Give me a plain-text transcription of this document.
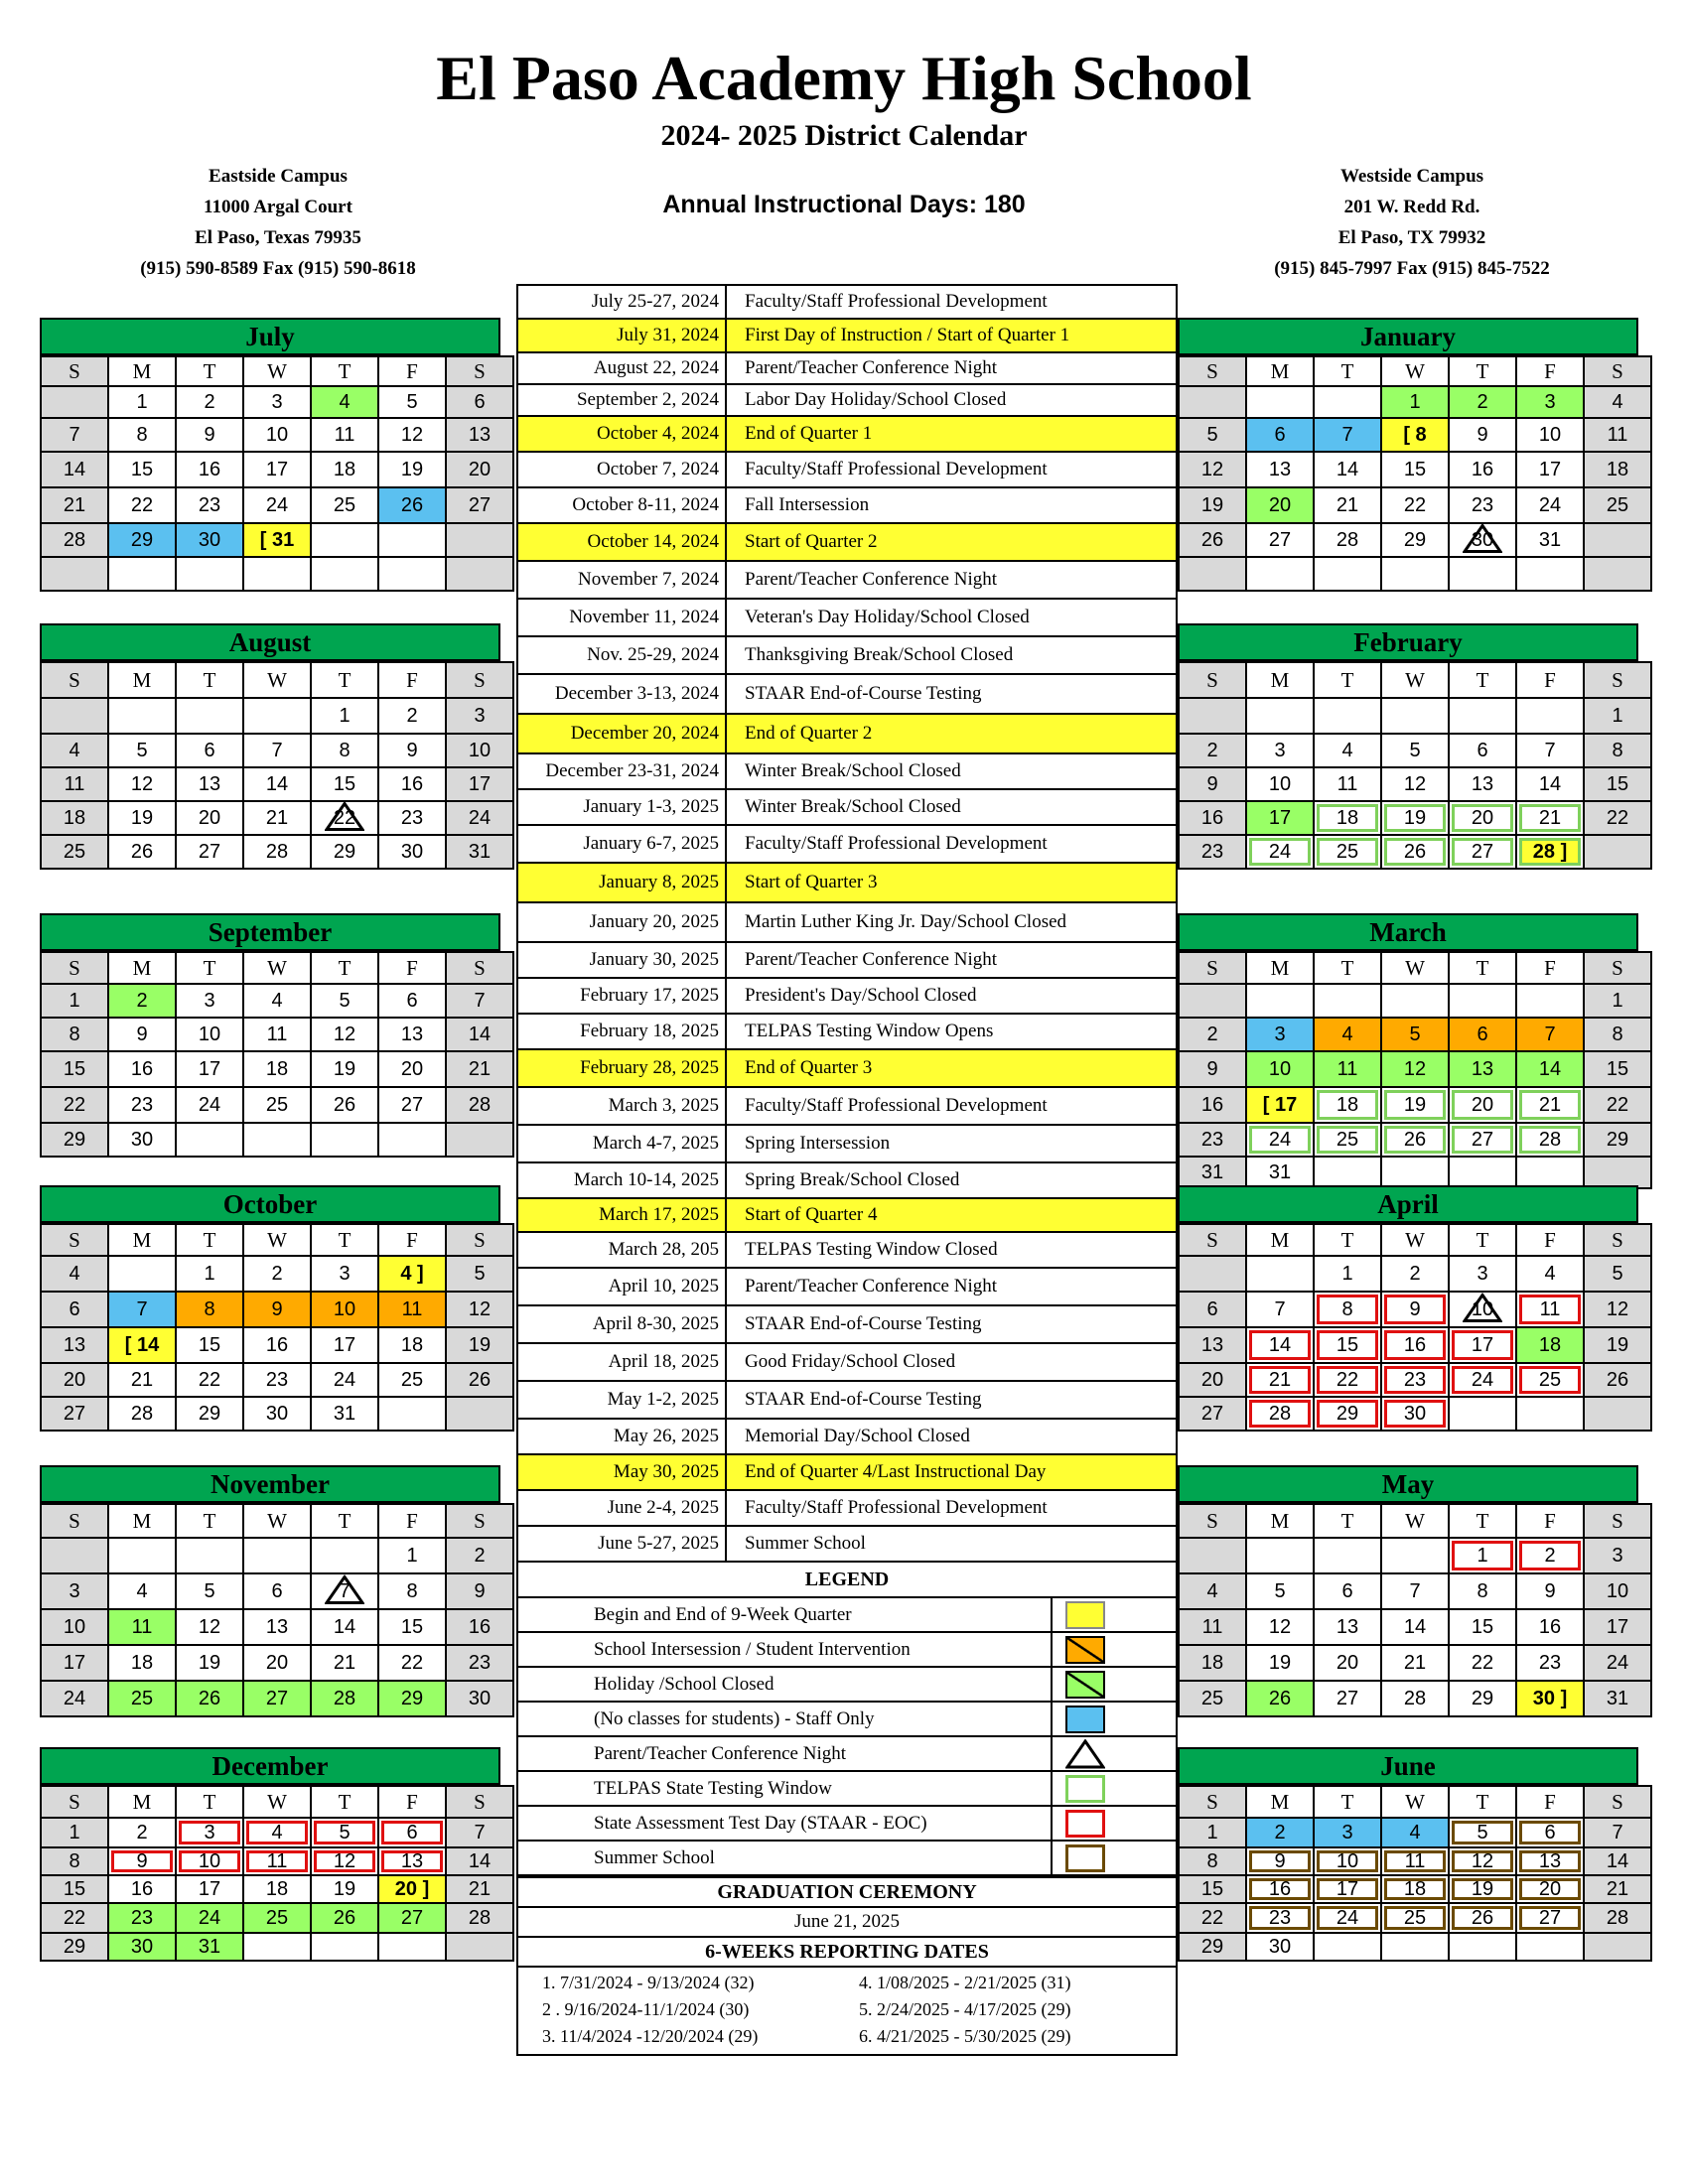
El Paso Academy High School
2024- 2025 District Calendar
Annual Instructional Days: 180
Eastside Campus
11000 Argal Court
El Paso, Texas 79935
(915) 590-8589 Fax (915) 590-8618
Westside Campus
201 W. Redd Rd.
El Paso, TX 79932
(915) 845-7997 Fax (915) 845-7522
July
S	M	T	W	T	F	S
	1	2	3	4	5	6
7	8	9	10	11	12	13
14	15	16	17	18	19	20
21	22	23	24	25	26	27
28	29	30	[ 31			

August
S	M	T	W	T	F	S
				1	2	3
4	5	6	7	8	9	10
11	12	13	14	15	16	17
18	19	20	21	22	23	24
25	26	27	28	29	30	31
September
S	M	T	W	T	F	S
1	2	3	4	5	6	7
8	9	10	11	12	13	14
15	16	17	18	19	20	21
22	23	24	25	26	27	28
29	30					
October
S	M	T	W	T	F	S
4		1	2	3	4 ]	5
6	7	8	9	10	11	12
13	[ 14	15	16	17	18	19
20	21	22	23	24	25	26
27	28	29	30	31		
November
S	M	T	W	T	F	S
					1	2
3	4	5	6	7	8	9
10	11	12	13	14	15	16
17	18	19	20	21	22	23
24	25	26	27	28	29	30
December
S	M	T	W	T	F	S
1	2	3	4	5	6	7
8	9	10	11	12	13	14
15	16	17	18	19	20 ]	21
22	23	24	25	26	27	28
29	30	31				
January
S	M	T	W	T	F	S
			1	2	3	4
5	6	7	[ 8	9	10	11
12	13	14	15	16	17	18
19	20	21	22	23	24	25
26	27	28	29	30	31	

February
S	M	T	W	T	F	S
						1
2	3	4	5	6	7	8
9	10	11	12	13	14	15
16	17	18	19	20	21	22
23	24	25	26	27	28 ]	
March
S	M	T	W	T	F	S
						1
2	3	4	5	6	7	8
9	10	11	12	13	14	15
16	[ 17	18	19	20	21	22
23	24	25	26	27	28	29
31	31					
April
S	M	T	W	T	F	S
		1	2	3	4	5
6	7	8	9	10	11	12
13	14	15	16	17	18	19
20	21	22	23	24	25	26
27	28	29	30			
May
S	M	T	W	T	F	S
				1	2	3
4	5	6	7	8	9	10
11	12	13	14	15	16	17
18	19	20	21	22	23	24
25	26	27	28	29	30 ]	31
June
S	M	T	W	T	F	S
1	2	3	4	5	6	7
8	9	10	11	12	13	14
15	16	17	18	19	20	21
22	23	24	25	26	27	28
29	30					
July 25-27, 2024	Faculty/Staff Professional Development
July 31, 2024	First Day of Instruction / Start of Quarter 1
August 22, 2024	Parent/Teacher Conference Night
September 2, 2024	Labor Day Holiday/School Closed
October 4, 2024	End of Quarter 1
October 7, 2024	Faculty/Staff Professional Development
October 8-11, 2024	Fall Intersession
October 14, 2024	Start of Quarter 2
November 7, 2024	Parent/Teacher Conference Night
November 11, 2024	Veteran's Day Holiday/School Closed
Nov. 25-29, 2024	Thanksgiving Break/School Closed
December 3-13, 2024	STAAR End-of-Course Testing
December 20, 2024	End of Quarter 2
December 23-31, 2024	Winter Break/School Closed
January 1-3, 2025	Winter Break/School Closed
January 6-7, 2025	Faculty/Staff Professional Development
January 8, 2025	Start of Quarter 3
January 20, 2025	Martin Luther King Jr. Day/School Closed
January 30, 2025	Parent/Teacher Conference Night
February 17, 2025	President's Day/School Closed
February 18, 2025	TELPAS Testing Window Opens
February 28, 2025	End of Quarter 3
March 3, 2025	Faculty/Staff Professional Development
March 4-7, 2025	Spring Intersession
March 10-14, 2025	Spring Break/School Closed
March 17, 2025	Start of Quarter 4
March 28, 205	TELPAS Testing Window Closed
April 10, 2025	Parent/Teacher Conference Night
April 8-30, 2025	STAAR End-of-Course Testing
April 18, 2025	Good Friday/School Closed
May 1-2, 2025	STAAR End-of-Course Testing
May 26, 2025	Memorial Day/School Closed
May 30, 2025	End of Quarter 4/Last Instructional Day
June 2-4, 2025	Faculty/Staff Professional Development
June 5-27, 2025	Summer School
LEGEND
Begin and End of 9-Week Quarter
School Intersession / Student Intervention
Holiday /School Closed
(No classes for students) - Staff Only
Parent/Teacher Conference Night
TELPAS State Testing Window
State Assessment Test Day (STAAR - EOC)
Summer School
GRADUATION CEREMONY
June 21, 2025
6-WEEKS REPORTING DATES
1. 7/31/2024 - 9/13/2024 (32)	4. 1/08/2025 - 2/21/2025 (31)
2 . 9/16/2024-11/1/2024 (30)	5. 2/24/2025 - 4/17/2025 (29)
3. 11/4/2024 -12/20/2024 (29)	6. 4/21/2025 - 5/30/2025 (29)
